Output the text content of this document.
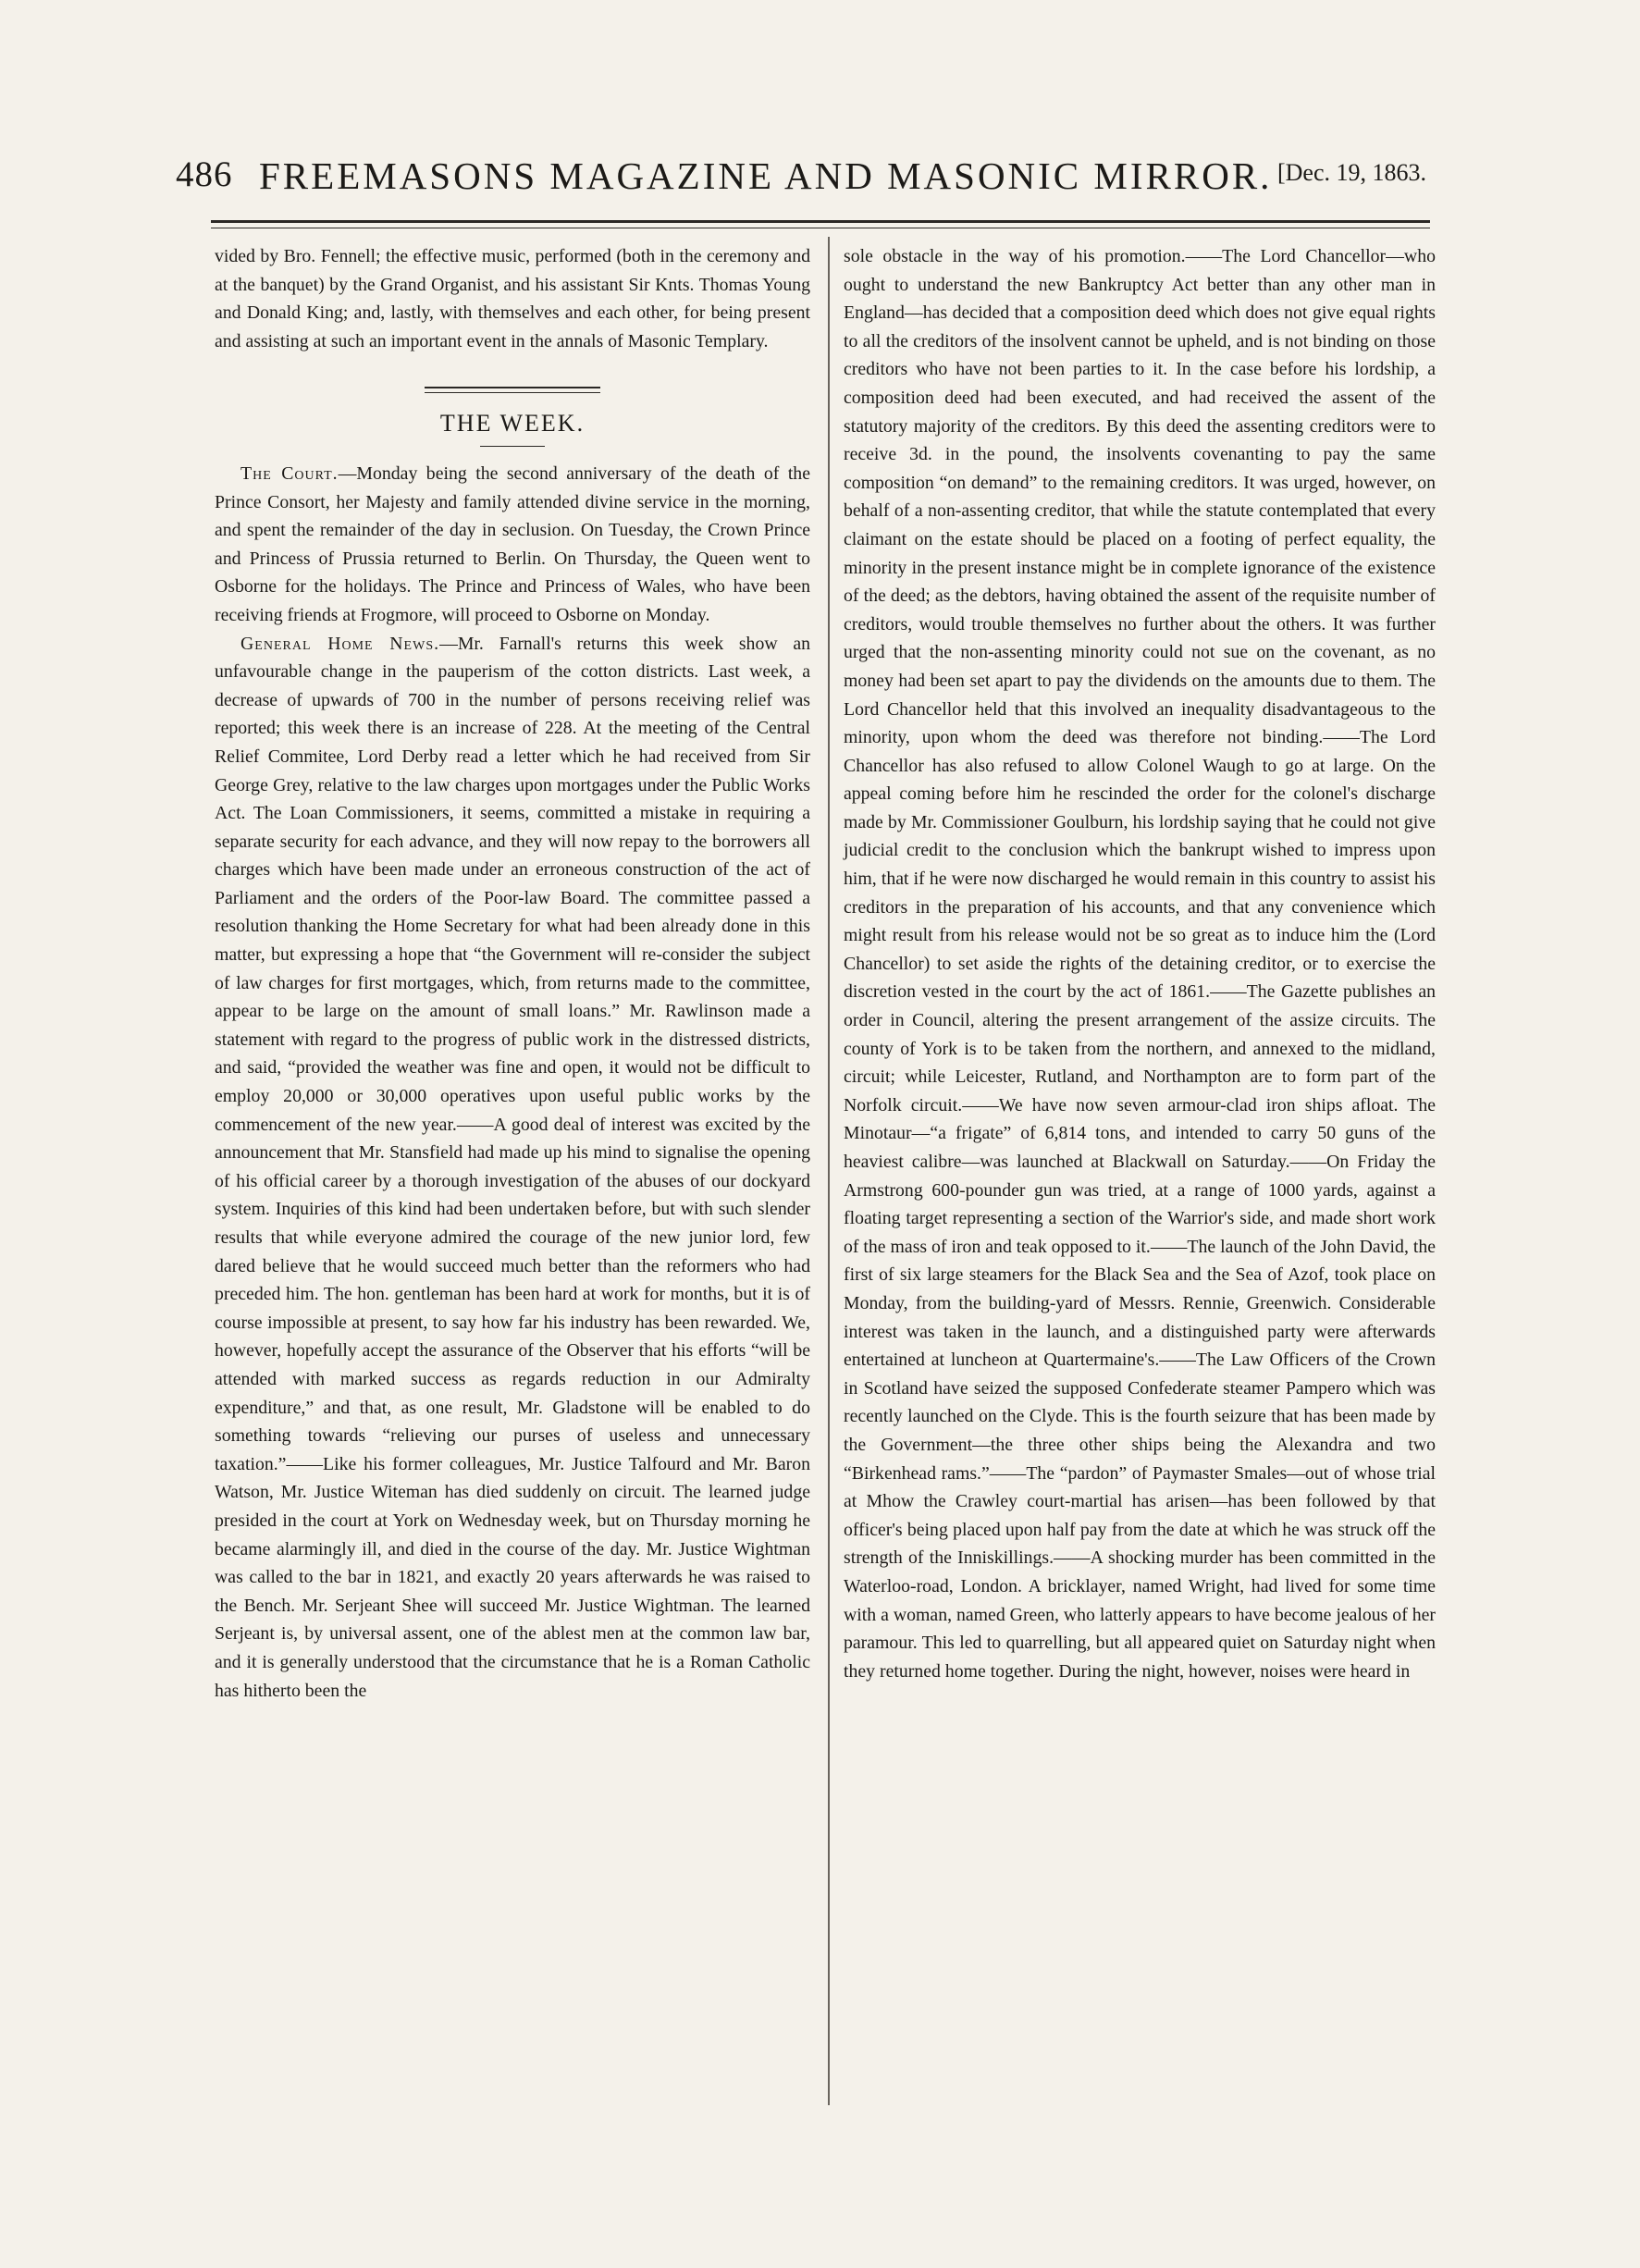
486 FREEMASONS MAGAZINE AND MASONIC MIRROR. [Dec. 19, 1863.

vided by Bro. Fennell; the effective music, performed (both in the ceremony and at the banquet) by the Grand Organist, and his assistant Sir Knts. Thomas Young and Donald King; and, lastly, with themselves and each other, for being present and assisting at such an important event in the annals of Masonic Templary.

THE WEEK.

The Court.—Monday being the second anniversary of the death of the Prince Consort, her Majesty and family attended divine service in the morning, and spent the remainder of the day in seclusion. On Tuesday, the Crown Prince and Princess of Prussia returned to Berlin. On Thursday, the Queen went to Osborne for the holidays. The Prince and Princess of Wales, who have been receiving friends at Frogmore, will proceed to Osborne on Monday.

General Home News.—Mr. Farnall's returns this week show an unfavourable change in the pauperism of the cotton districts. Last week, a decrease of upwards of 700 in the number of persons receiving relief was reported; this week there is an increase of 228. At the meeting of the Central Relief Commitee, Lord Derby read a letter which he had received from Sir George Grey, relative to the law charges upon mortgages under the Public Works Act. The Loan Commissioners, it seems, committed a mistake in requiring a separate security for each advance, and they will now repay to the borrowers all charges which have been made under an erroneous construction of the act of Parliament and the orders of the Poor-law Board. The committee passed a resolution thanking the Home Secretary for what had been already done in this matter, but expressing a hope that “the Government will re-consider the subject of law charges for first mortgages, which, from returns made to the committee, appear to be large on the amount of small loans.” Mr. Rawlinson made a statement with regard to the progress of public work in the distressed districts, and said, “provided the weather was fine and open, it would not be difficult to employ 20,000 or 30,000 operatives upon useful public works by the commencement of the new year.——A good deal of interest was excited by the announcement that Mr. Stansfield had made up his mind to signalise the opening of his official career by a thorough investigation of the abuses of our dockyard system. Inquiries of this kind had been undertaken before, but with such slender results that while everyone admired the courage of the new junior lord, few dared believe that he would succeed much better than the reformers who had preceded him. The hon. gentleman has been hard at work for months, but it is of course impossible at present, to say how far his industry has been rewarded. We, however, hopefully accept the assurance of the Observer that his efforts “will be attended with marked success as regards reduction in our Admiralty expenditure,” and that, as one result, Mr. Gladstone will be enabled to do something towards “relieving our purses of useless and unnecessary taxation.”——Like his former colleagues, Mr. Justice Talfourd and Mr. Baron Watson, Mr. Justice Witeman has died suddenly on circuit. The learned judge presided in the court at York on Wednesday week, but on Thursday morning he became alarmingly ill, and died in the course of the day. Mr. Justice Wightman was called to the bar in 1821, and exactly 20 years afterwards he was raised to the Bench. Mr. Serjeant Shee will succeed Mr. Justice Wightman. The learned Serjeant is, by universal assent, one of the ablest men at the common law bar, and it is generally understood that the circumstance that he is a Roman Catholic has hitherto been the

sole obstacle in the way of his promotion.——The Lord Chancellor—who ought to understand the new Bankruptcy Act better than any other man in England—has decided that a composition deed which does not give equal rights to all the creditors of the insolvent cannot be upheld, and is not binding on those creditors who have not been parties to it. In the case before his lordship, a composition deed had been executed, and had received the assent of the statutory majority of the creditors. By this deed the assenting creditors were to receive 3d. in the pound, the insolvents covenanting to pay the same composition “on demand” to the remaining creditors. It was urged, however, on behalf of a non-assenting creditor, that while the statute contemplated that every claimant on the estate should be placed on a footing of perfect equality, the minority in the present instance might be in complete ignorance of the existence of the deed; as the debtors, having obtained the assent of the requisite number of creditors, would trouble themselves no further about the others. It was further urged that the non-assenting minority could not sue on the covenant, as no money had been set apart to pay the dividends on the amounts due to them. The Lord Chancellor held that this involved an inequality disadvantageous to the minority, upon whom the deed was therefore not binding.——The Lord Chancellor has also refused to allow Colonel Waugh to go at large. On the appeal coming before him he rescinded the order for the colonel's discharge made by Mr. Commissioner Goulburn, his lordship saying that he could not give judicial credit to the conclusion which the bankrupt wished to impress upon him, that if he were now discharged he would remain in this country to assist his creditors in the preparation of his accounts, and that any convenience which might result from his release would not be so great as to induce him the (Lord Chancellor) to set aside the rights of the detaining creditor, or to exercise the discretion vested in the court by the act of 1861.——The Gazette publishes an order in Council, altering the present arrangement of the assize circuits. The county of York is to be taken from the northern, and annexed to the midland, circuit; while Leicester, Rutland, and Northampton are to form part of the Norfolk circuit.——We have now seven armour-clad iron ships afloat. The Minotaur—“a frigate” of 6,814 tons, and intended to carry 50 guns of the heaviest calibre—was launched at Blackwall on Saturday.——On Friday the Armstrong 600-pounder gun was tried, at a range of 1000 yards, against a floating target representing a section of the Warrior's side, and made short work of the mass of iron and teak opposed to it.——The launch of the John David, the first of six large steamers for the Black Sea and the Sea of Azof, took place on Monday, from the building-yard of Messrs. Rennie, Greenwich. Considerable interest was taken in the launch, and a distinguished party were afterwards entertained at luncheon at Quartermaine's.——The Law Officers of the Crown in Scotland have seized the supposed Confederate steamer Pampero which was recently launched on the Clyde. This is the fourth seizure that has been made by the Government—the three other ships being the Alexandra and two “Birkenhead rams.”——The “pardon” of Paymaster Smales—out of whose trial at Mhow the Crawley court-martial has arisen—has been followed by that officer's being placed upon half pay from the date at which he was struck off the strength of the Inniskillings.——A shocking murder has been committed in the Waterloo-road, London. A bricklayer, named Wright, had lived for some time with a woman, named Green, who latterly appears to have become jealous of her paramour. This led to quarrelling, but all appeared quiet on Saturday night when they returned home together. During the night, however, noises were heard in
